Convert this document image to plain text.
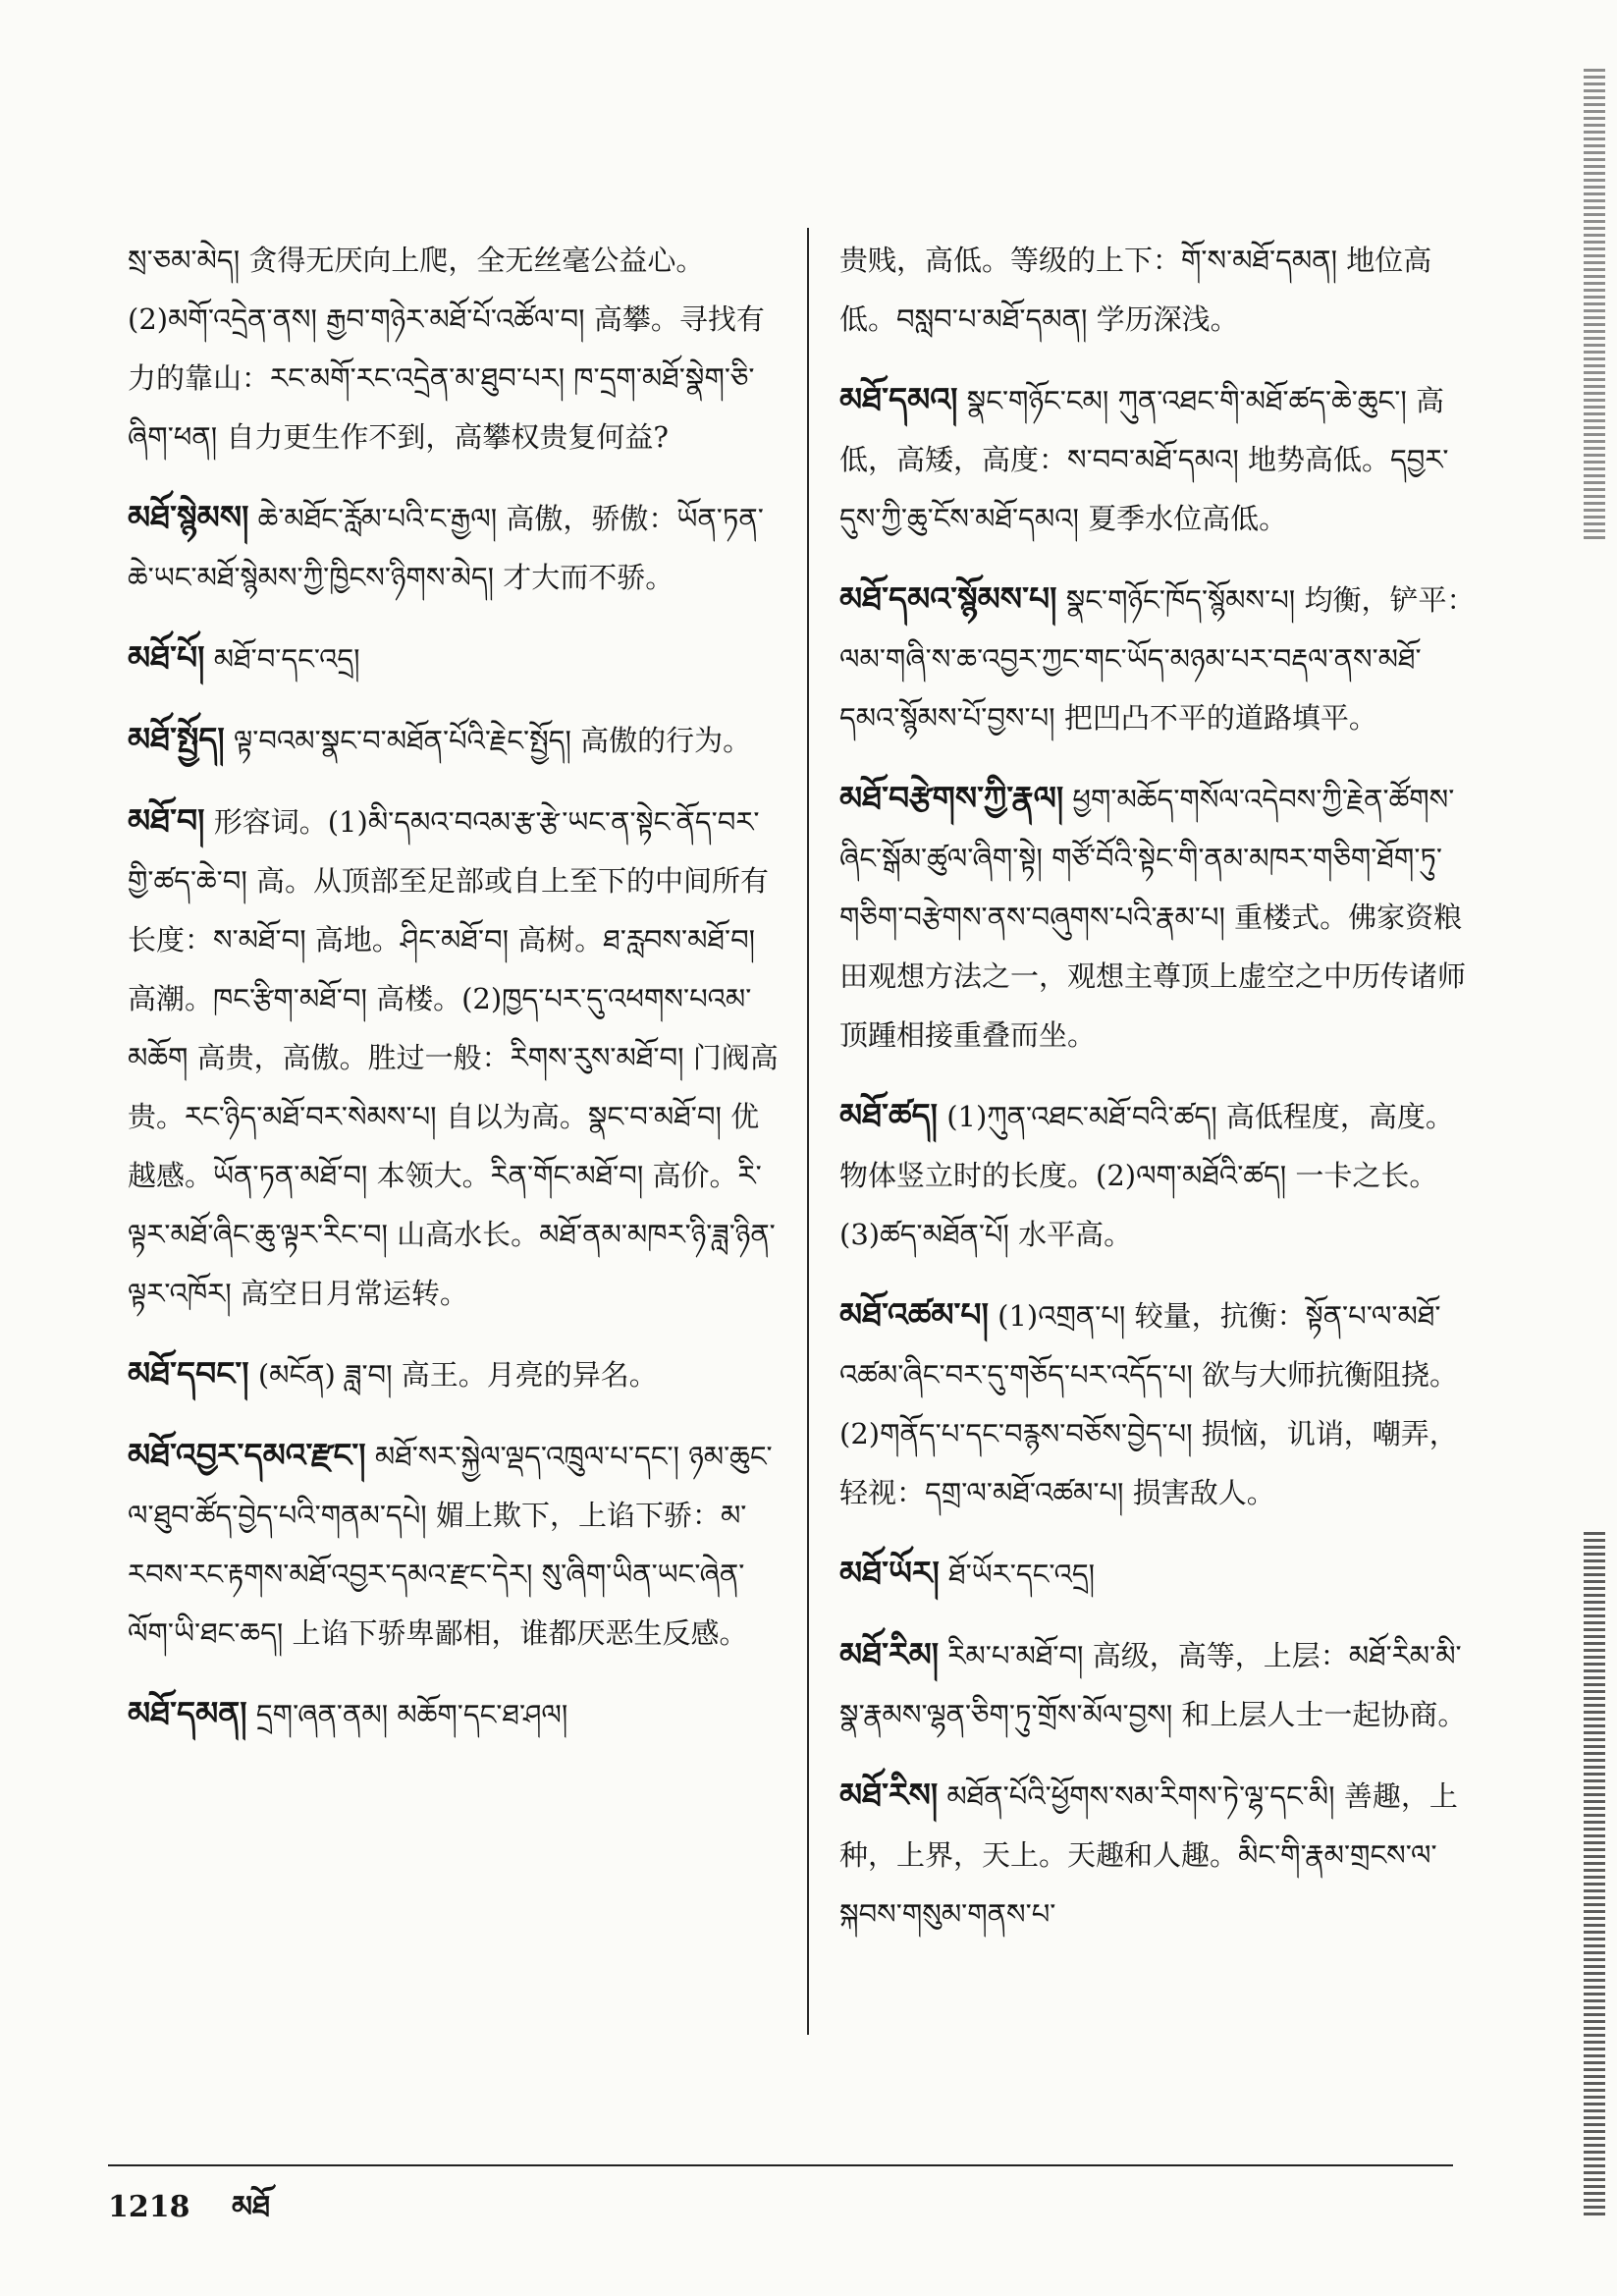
སྲ་ཅམ་མེད། 贪得无厌向上爬，全无丝毫公益心。(2)མགོ་འདྲེན་ནས། རྒྱབ་གཉེར་མཐོ་པོ་འཚོལ་བ། 高攀。寻找有力的靠山：རང་མགོ་རང་འདྲེན་མ་ཐུབ་པར། ཁ་དྲག་མཐོ་སྣེག་ཅི་ཞིག་ཕན། 自力更生作不到，高攀权贵复何益?
མཐོ་སྙེམས། ཆེ་མཐོང་རློམ་པའི་ང་རྒྱལ། 高傲，骄傲：ཡོན་ཏན་ཆེ་ཡང་མཐོ་སྙེམས་ཀྱི་ཁྱིངས་ཉིགས་མེད། 才大而不骄。
མཐོ་པོ། མཐོ་བ་དང་འདྲ།
མཐོ་སྤྱོད། ལྟ་བའམ་སྣང་བ་མཐོན་པོའི་རྗེང་སྤྱོད། 高傲的行为。
མཐོ་བ། 形容词。(1)མི་དམའ་བའམ་རྩ་རྩེ་ཡང་ན་སྟེང་ནོད་བར་གྱི་ཚད་ཆེ་བ། 高。从顶部至足部或自上至下的中间所有长度：ས་མཐོ་བ། 高地。ཤིང་མཐོ་བ། 高树。ཐ་རླབས་མཐོ་བ། 高潮。ཁང་རྩིག་མཐོ་བ། 高楼。(2)ཁྱད་པར་དུ་འཕགས་པའམ་མཆོག 高贵，高傲。胜过一般：རིགས་རུས་མཐོ་བ། 门阀高贵。རང་ཉིད་མཐོ་བར་སེམས་པ། 自以为高。སྣང་བ་མཐོ་བ། 优越感。ཡོན་ཏན་མཐོ་བ། 本领大。རིན་གོང་མཐོ་བ། 高价。རི་ལྟར་མཐོ་ཞིང་ཆུ་ལྟར་རིང་བ། 山高水长。མཐོ་ནམ་མཁར་ཉི་ཟླ་ཉིན་ལྟར་འཁོར། 高空日月常运转。
མཐོ་དབང་། (མངོན) ཟླ་བ། 高王。月亮的异名。
མཐོ་འབྱར་དམའ་རྫང་། མཐོ་སར་སྐྱེལ་ལྡད་འཁྲུལ་པ་དང་། ཉམ་ཆུང་ལ་ཐུབ་ཚོད་བྱེད་པའི་གནམ་དཔེ། 媚上欺下，上谄下骄：མ་རབས་རང་རྟགས་མཐོ་འབྱར་དམའ་རྫང་དེར། སུ་ཞིག་ཡིན་ཡང་ཞེན་ལོག་ཡི་ཐང་ཆད། 上谄下骄卑鄙相，谁都厌恶生反感。
མཐོ་དམན། དྲག་ཞན་ནམ། མཆོག་དང་ཐ་ཤལ།
贵贱，高低。等级的上下：གོ་ས་མཐོ་དམན། 地位高低。བསླབ་པ་མཐོ་དམན། 学历深浅。
མཐོ་དམའ། སྣང་གཉོང་ངམ། ཀུན་འཐང་གི་མཐོ་ཚད་ཆེ་ཆུང་། 高低，高矮，高度：ས་བབ་མཐོ་དམའ། 地势高低。དབྱར་དུས་ཀྱི་ཆུ་ངོས་མཐོ་དམའ། 夏季水位高低。
མཐོ་དམའ་སྙོམས་པ། སྣང་གཉོང་ཁོད་སྙོམས་པ། 均衡，铲平：ལམ་གཞི་ས་ཆ་འབྱར་ཀྱང་གང་ཡོད་མཉམ་པར་བརྡལ་ནས་མཐོ་དམའ་སྙོམས་པོ་བྱས་པ། 把凹凸不平的道路填平。
མཐོ་བརྩེགས་ཀྱི་རྣལ། ཕྱག་མཆོད་གསོལ་འདེབས་ཀྱི་རྗེན་ཚོགས་ཞིང་སྒོམ་ཚུལ་ཞིག་སྟེ། གཙོ་བོའི་སྟེང་གི་ནམ་མཁར་གཅིག་ཐོག་ཏུ་གཅིག་བརྩེགས་ནས་བཞུགས་པའི་རྣམ་པ། 重楼式。佛家资粮田观想方法之一，观想主尊顶上虚空之中历传诸师顶踵相接重叠而坐。
མཐོ་ཚད། (1)ཀུན་འཐང་མཐོ་བའི་ཚད། 高低程度，高度。物体竖立时的长度。(2)ལག་མཐོའི་ཚད། 一卡之长。(3)ཚད་མཐོན་པོ། 水平高。
མཐོ་འཚམ་པ། (1)འགྲན་པ། 较量，抗衡：སྟོན་པ་ལ་མཐོ་འཚམ་ཞིང་བར་དུ་གཅོད་པར་འདོད་པ། 欲与大师抗衡阻挠。(2)གནོད་པ་དང་བརྙས་བཅོས་བྱེད་པ། 损恼，讥诮，嘲弄，轻视：དགྲ་ལ་མཐོ་འཚམ་པ། 损害敌人。
མཐོ་ཡོར། ཐོ་ཡོར་དང་འདྲ།
མཐོ་རིམ། རིམ་པ་མཐོ་བ། 高级，高等，上层：མཐོ་རིམ་མི་སྣ་རྣམས་ལྷན་ཅིག་ཏུ་གྲོས་མོལ་བྱས། 和上层人士一起协商。
མཐོ་རིས། མཐོན་པོའི་ཕྱོགས་སམ་རིགས་ཏེ་ལྷ་དང་མི། 善趣，上种，上界，天上。天趣和人趣。མིང་གི་རྣམ་གྲངས་ལ་སྐབས་གསུམ་གནས་པ་
1218 མཐོ
